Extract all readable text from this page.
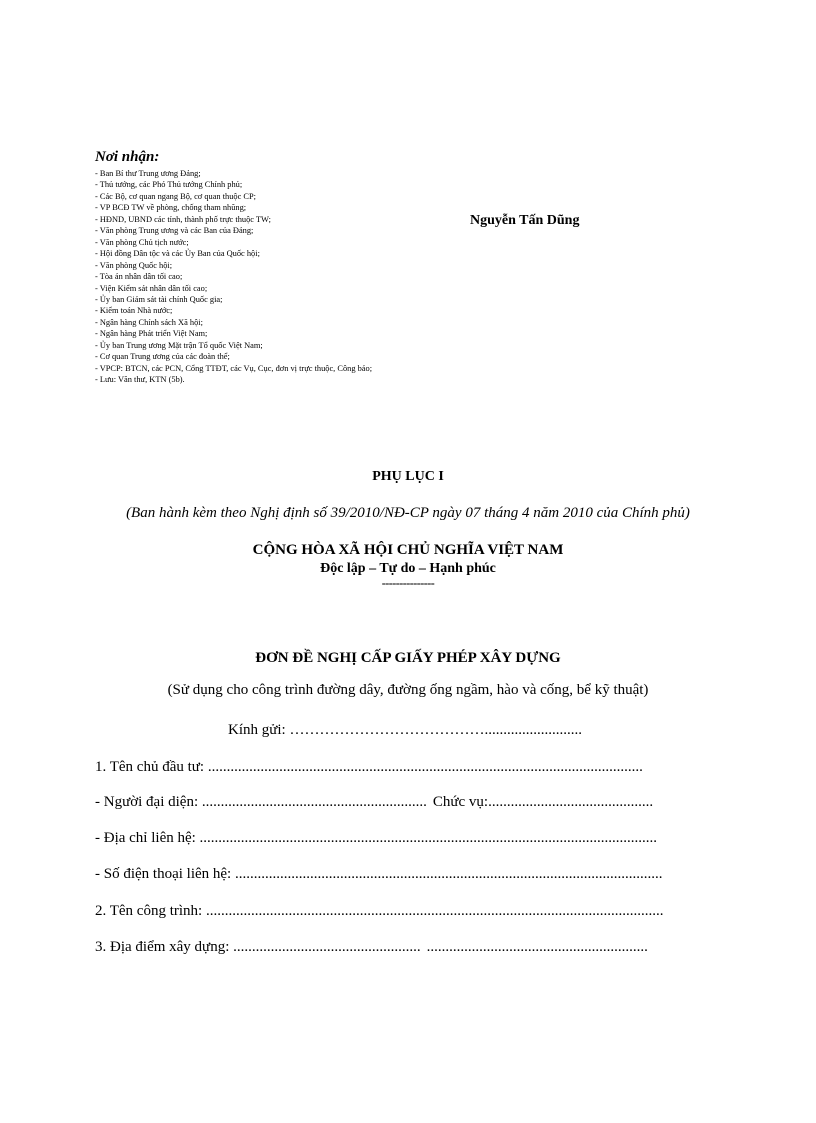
Nơi nhận:
- Ban Bí thư Trung ương Đảng;
- Thủ tướng, các Phó Thủ tướng Chính phủ;
- Các Bộ, cơ quan ngang Bộ, cơ quan thuộc CP;
- VP BCĐ TW về phòng, chống tham nhũng;
- HĐND, UBND các tỉnh, thành phố trực thuộc TW;
- Văn phòng Trung ương và các Ban của Đảng;
- Văn phòng Chủ tịch nước;
- Hội đồng Dân tộc và các Ủy Ban của Quốc hội;
- Văn phòng Quốc hội;
- Tòa án nhân dân tối cao;
- Viện Kiểm sát nhân dân tối cao;
- Ủy ban Giám sát tài chính Quốc gia;
- Kiểm toán Nhà nước;
- Ngân hàng Chính sách Xã hội;
- Ngân hàng Phát triển Việt Nam;
- Ủy ban Trung ương Mặt trận Tổ quốc Việt Nam;
- Cơ quan Trung ương của các đoàn thể;
- VPCP: BTCN, các PCN, Cổng TTĐT, các Vụ, Cục, đơn vị trực thuộc, Công báo;
- Lưu: Văn thư, KTN (5b).
Nguyễn Tấn Dũng
PHỤ LỤC I
(Ban hành kèm theo Nghị định số 39/2010/NĐ-CP ngày 07 tháng 4 năm 2010 của Chính phủ)
CỘNG HÒA XÃ HỘI CHỦ NGHĨA VIỆT NAM
Độc lập – Tự do – Hạnh phúc
---------------
ĐƠN ĐỀ NGHỊ CẤP GIẤY PHÉP XÂY DỰNG
(Sử dụng cho công trình đường dây, đường ống ngầm, hào và cống, bể kỹ thuật)
Kính gửi: …………………………………..........................
1. Tên chủ đầu tư: ....................................................................................................................
- Người đại diện: ............................................................ Chức vụ:............................................
- Địa chỉ liên hệ: ..........................................................................................................................
- Số điện thoại liên hệ: ..................................................................................................................
2. Tên công trình: ..........................................................................................................................
3. Địa điểm xây dựng: .................................................. ...........................................................
